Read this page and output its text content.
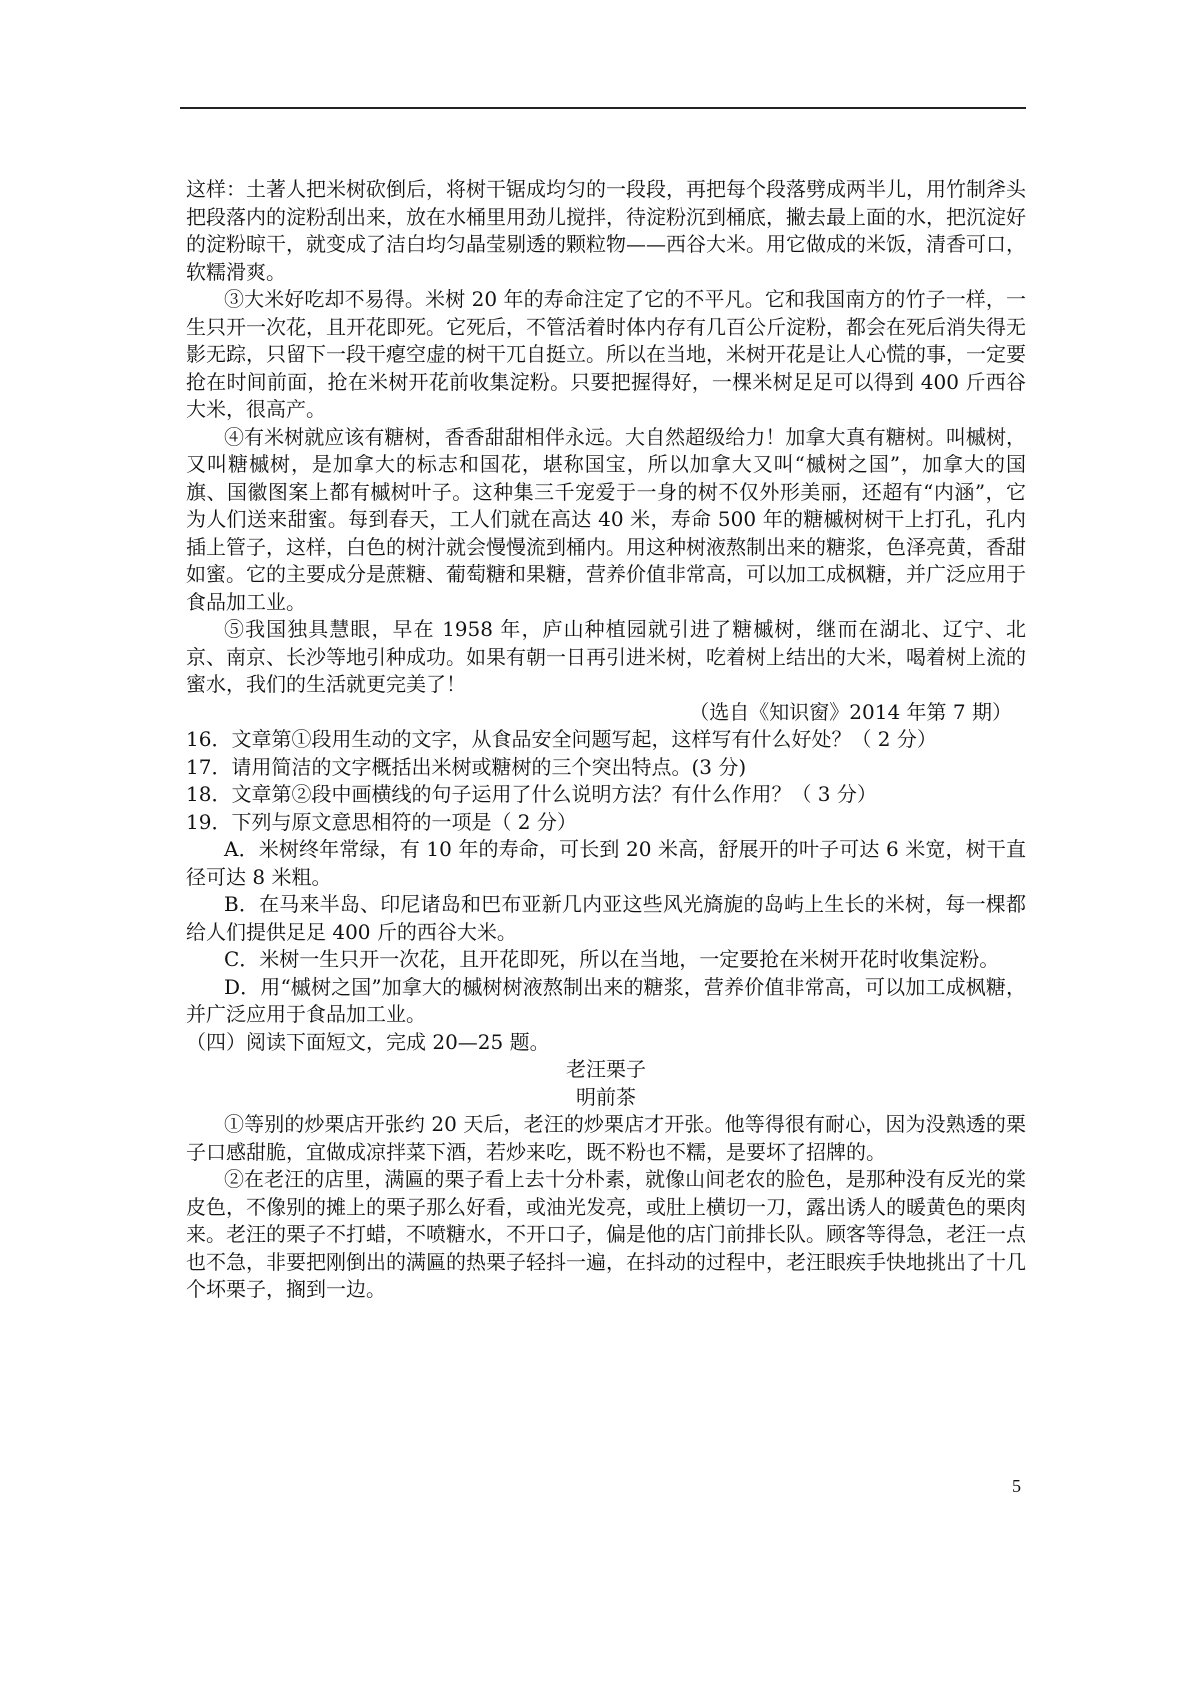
这样：土著人把米树砍倒后，将树干锯成均匀的一段段，再把每个段落劈成两半儿，用竹制斧头把段落内的淀粉刮出来，放在水桶里用劲儿搅拌，待淀粉沉到桶底，撇去最上面的水，把沉淀好的淀粉晾干，就变成了洁白均匀晶莹剔透的颗粒物——西谷大米。用它做成的米饭，清香可口，软糯滑爽。

③大米好吃却不易得。米树 20 年的寿命注定了它的不平凡。它和我国南方的竹子一样，一生只开一次花，且开花即死。它死后，不管活着时体内存有几百公斤淀粉，都会在死后消失得无影无踪，只留下一段干瘪空虚的树干兀自挺立。所以在当地，米树开花是让人心慌的事，一定要抢在时间前面，抢在米树开花前收集淀粉。只要把握得好，一棵米树足足可以得到 400 斤西谷大米，很高产。

④有米树就应该有糖树，香香甜甜相伴永远。大自然超级给力！加拿大真有糖树。叫槭树，又叫糖槭树，是加拿大的标志和国花，堪称国宝，所以加拿大又叫“槭树之国”，加拿大的国旗、国徽图案上都有槭树叶子。这种集三千宠爱于一身的树不仅外形美丽，还超有“内涵”，它为人们送来甜蜜。每到春天，工人们就在高达 40 米，寿命 500 年的糖槭树树干上打孔，孔内插上管子，这样，白色的树汁就会慢慢流到桶内。用这种树液熬制出来的糖浆，色泽亮黄，香甜如蜜。它的主要成分是蔗糖、葡萄糖和果糖，营养价值非常高，可以加工成枫糖，并广泛应用于食品加工业。

⑤我国独具慧眼，早在 1958 年，庐山种植园就引进了糖槭树，继而在湖北、辽宁、北京、南京、长沙等地引种成功。如果有朝一日再引进米树，吃着树上结出的大米，喝着树上流的蜜水，我们的生活就更完美了！

（选自《知识窗》2014 年第 7 期）

16．文章第①段用生动的文字，从食品安全问题写起，这样写有什么好处？（ 2 分）

17．请用简洁的文字概括出米树或糖树的三个突出特点。(3 分)

18．文章第②段中画横线的句子运用了什么说明方法？有什么作用？（ 3 分）

19．下列与原文意思相符的一项是（ 2 分）

A．米树终年常绿，有 10 年的寿命，可长到 20 米高，舒展开的叶子可达 6 米宽，树干直径可达 8 米粗。

B．在马来半岛、印尼诸岛和巴布亚新几内亚这些风光旖旎的岛屿上生长的米树，每一棵都给人们提供足足 400 斤的西谷大米。

C．米树一生只开一次花，且开花即死，所以在当地，一定要抢在米树开花时收集淀粉。

D．用“槭树之国”加拿大的槭树树液熬制出来的糖浆，营养价值非常高，可以加工成枫糖，并广泛应用于食品加工业。

（四）阅读下面短文，完成 20—25 题。

老汪栗子

明前茶

①等别的炒栗店开张约 20 天后，老汪的炒栗店才开张。他等得很有耐心，因为没熟透的栗子口感甜脆，宜做成凉拌菜下酒，若炒来吃，既不粉也不糯，是要坏了招牌的。

②在老汪的店里，满匾的栗子看上去十分朴素，就像山间老农的脸色，是那种没有反光的棠皮色，不像别的摊上的栗子那么好看，或油光发亮，或肚上横切一刀，露出诱人的暖黄色的栗肉来。老汪的栗子不打蜡，不喷糖水，不开口子，偏是他的店门前排长队。顾客等得急，老汪一点也不急，非要把刚倒出的满匾的热栗子轻抖一遍，在抖动的过程中，老汪眼疾手快地挑出了十几个坏栗子，搁到一边。

5
